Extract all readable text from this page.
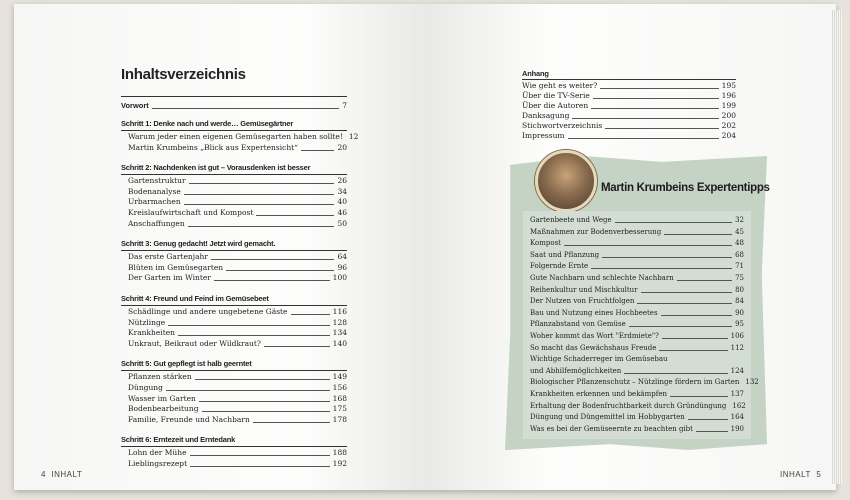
Inhaltsverzeichnis
Vorwort	7
Schritt 1: Denke nach und werde… Gemüsegärtner
Warum jeder einen eigenen Gemüsegarten haben sollte! 12
Martin Krumbeins „Blick aus Expertensicht“	20
Schritt 2: Nachdenken ist gut – Vorausdenken ist besser
Gartenstruktur	26
Bodenanalyse	34
Urbarmachen	40
Kreislaufwirtschaft und Kompost	46
Anschaffungen	50
Schritt 3: Genug gedacht! Jetzt wird gemacht.
Das erste Gartenjahr	64
Blüten im Gemüsegarten	96
Der Garten im Winter	100
Schritt 4: Freund und Feind im Gemüsebeet
Schädlinge und andere ungebetene Gäste	116
Nützlinge	128
Krankheiten	134
Unkraut, Beikraut oder Wildkraut?	140
Schritt 5: Gut gepflegt ist halb geerntet
Pflanzen stärken	149
Düngung	156
Wasser im Garten	168
Bodenbearbeitung	175
Familie, Freunde und Nachbarn	178
Schritt 6: Erntezeit und Erntedank
Lohn der Mühe	188
Lieblingsrezept	192
4 INHALT
Anhang
Wie geht es weiter?	195
Über die TV-Serie	196
Über die Autoren	199
Danksagung	200
Stichwortverzeichnis	202
Impressum	204
Martin Krumbeins Expertentipps
Gartenbeete und Wege	32
Maßnahmen zur Bodenverbesserung	45
Kompost	48
Saat und Pflanzung	68
Folgernde Ernte	71
Gute Nachbarn und schlechte Nachbarn	75
Reihenkultur und Mischkultur	80
Der Nutzen von Fruchtfolgen	84
Bau und Nutzung eines Hochbeetes	90
Pflanzabstand von Gemüse	95
Woher kommt das Wort "Erdmiete"?	106
So macht das Gewächshaus Freude	112
Wichtige Schaderreger im Gemüsebau
und Abhilfemöglichkeiten	124
Biologischer Pflanzenschutz – Nützlinge fördern im Garten 132
Krankheiten erkennen und bekämpfen	137
Erhaltung der Bodenfruchtbarkeit durch Gründüngung 162
Düngung und Düngemittel im Hobbygarten	164
Was es bei der Gemüseernte zu beachten gibt	190
INHALT 5
